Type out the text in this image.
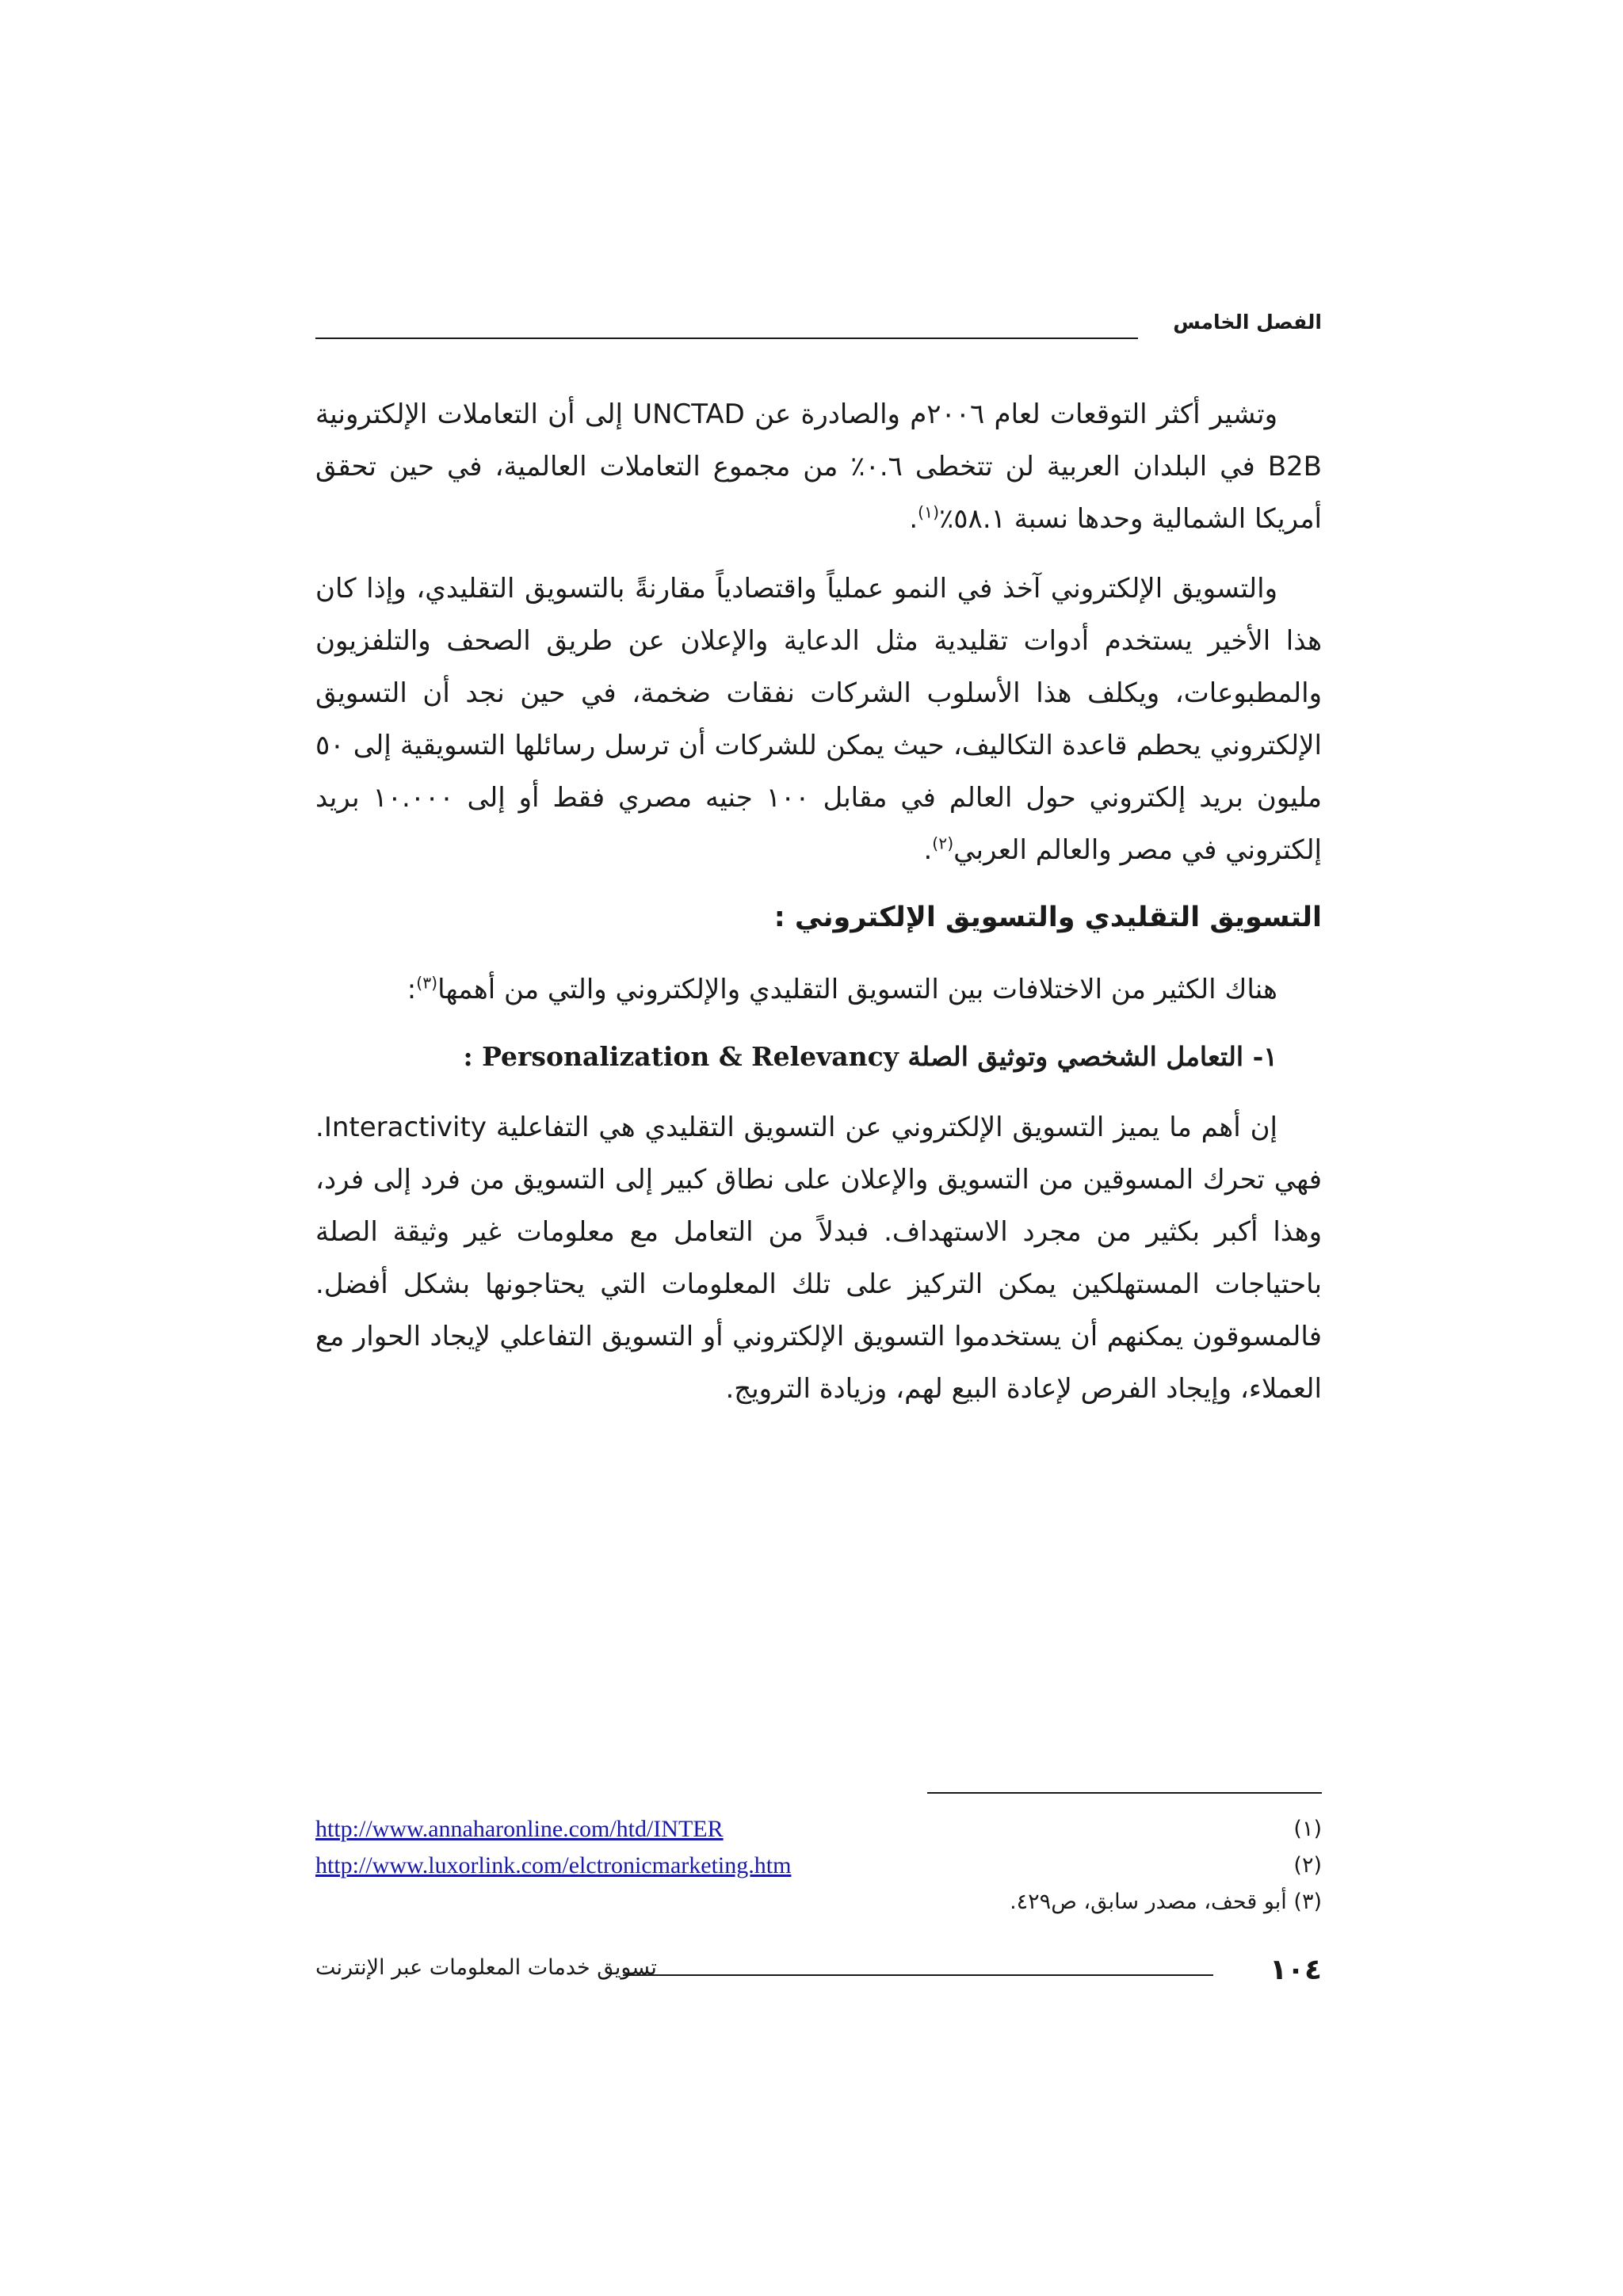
الفصل الخامس

وتشير أكثر التوقعات لعام ٢٠٠٦م والصادرة عن UNCTAD إلى أن التعاملات الإلكترونية B2B في البلدان العربية لن تتخطى ٠.٦٪ من مجموع التعاملات العالمية، في حين تحقق أمريكا الشمالية وحدها نسبة ٥٨.١٪$^{(١)}$.

والتسويق الإلكتروني آخذ في النمو عملياً واقتصادياً مقارنةً بالتسويق التقليدي، وإذا كان هذا الأخير يستخدم أدوات تقليدية مثل الدعاية والإعلان عن طريق الصحف والتلفزيون والمطبوعات، ويكلف هذا الأسلوب الشركات نفقات ضخمة، في حين نجد أن التسويق الإلكتروني يحطم قاعدة التكاليف، حيث يمكن للشركات أن ترسل رسائلها التسويقية إلى ٥٠ مليون بريد إلكتروني حول العالم في مقابل ١٠٠ جنيه مصري فقط أو إلى ١٠.٠٠٠ بريد إلكتروني في مصر والعالم العربي$^{(٢)}$.

التسويق التقليدي والتسويق الإلكتروني :

هناك الكثير من الاختلافات بين التسويق التقليدي والإلكتروني والتي من أهمها$^{(٣)}$:

١- التعامل الشخصي وتوثيق الصلة Personalization & Relevancy :

إن أهم ما يميز التسويق الإلكتروني عن التسويق التقليدي هي التفاعلية Interactivity. فهي تحرك المسوقين من التسويق والإعلان على نطاق كبير إلى التسويق من فرد إلى فرد، وهذا أكبر بكثير من مجرد الاستهداف. فبدلاً من التعامل مع معلومات غير وثيقة الصلة باحتياجات المستهلكين يمكن التركيز على تلك المعلومات التي يحتاجونها بشكل أفضل. فالمسوقون يمكنهم أن يستخدموا التسويق الإلكتروني أو التسويق التفاعلي لإيجاد الحوار مع العملاء، وإيجاد الفرص لإعادة البيع لهم، وزيادة الترويج.

(١)
http://www.annaharonline.com/htd/INTER
(٢)
http://www.luxorlink.com/elctronicmarketing.htm
(٣) أبو قحف، مصدر سابق، ص٤٢٩.
١٠٤
تسويق خدمات المعلومات عبر الإنترنت
